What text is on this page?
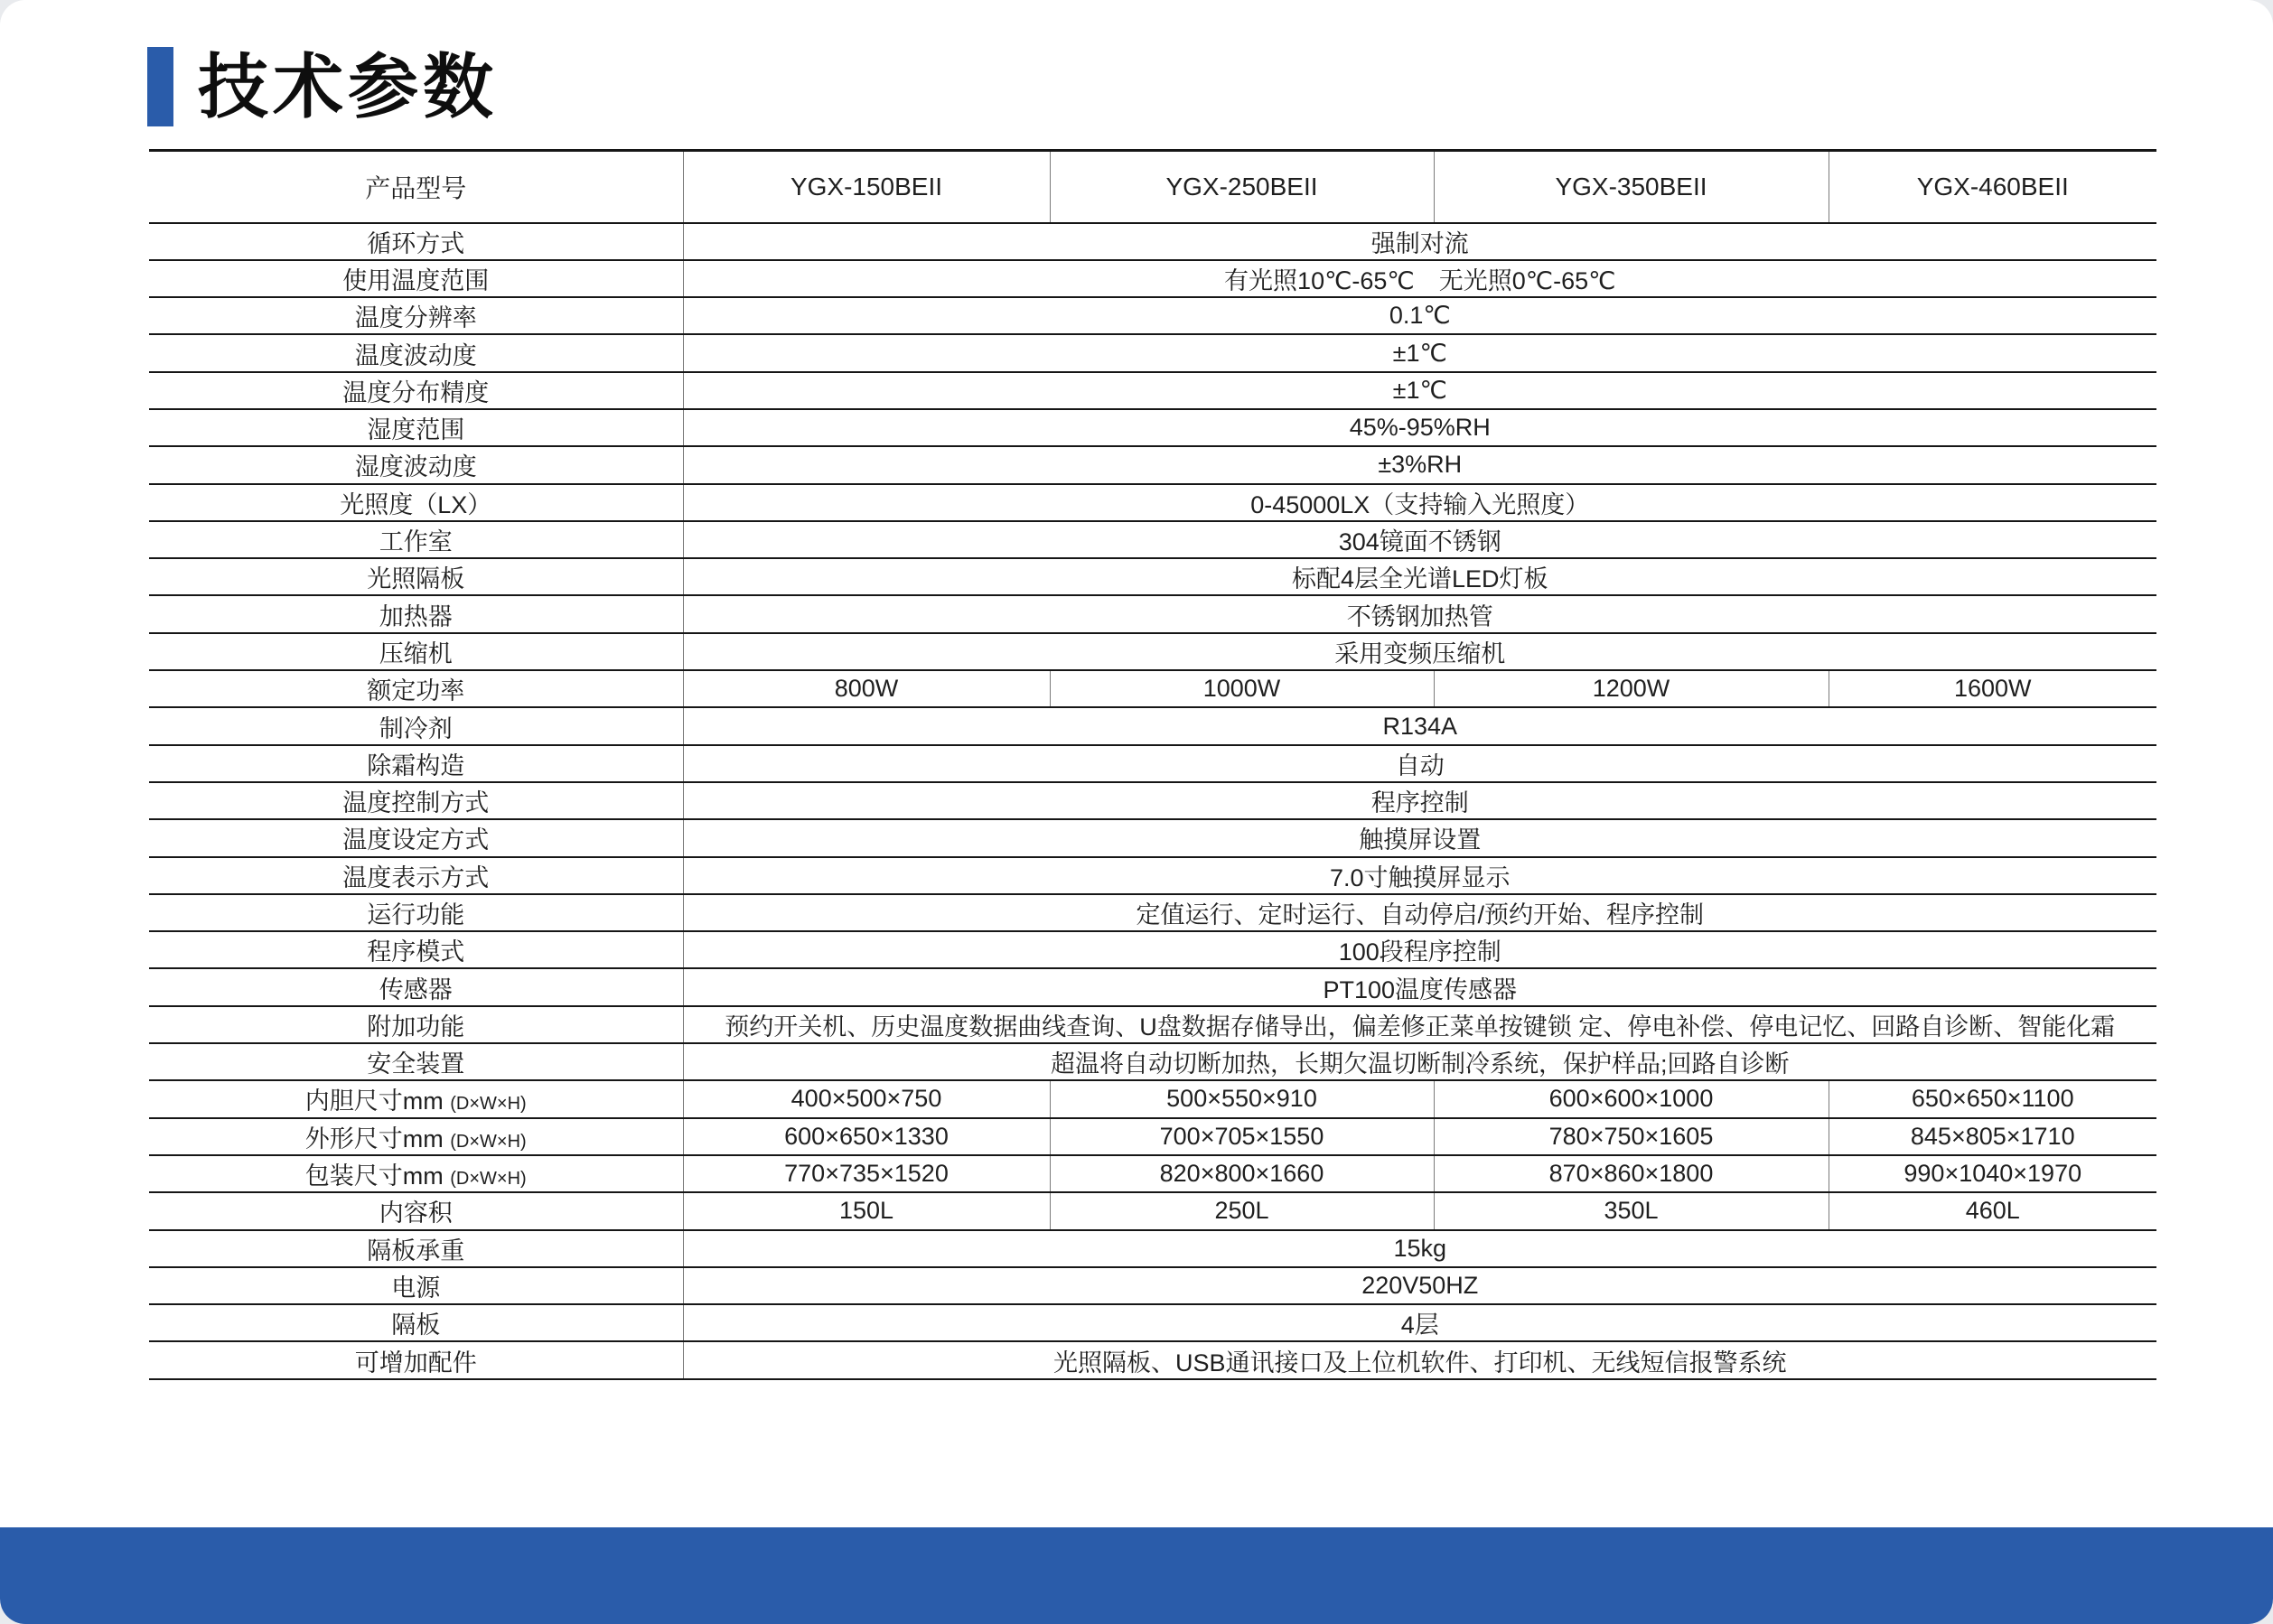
技术参数
产品型号	YGX-150BEII	YGX-250BEII	YGX-350BEII	YGX-460BEII
循环方式	强制对流			
使用温度范围	有光照10℃-65℃　无光照0℃-65℃			
温度分辨率	0.1℃			
温度波动度	±1℃			
温度分布精度	±1℃			
湿度范围	45%-95%RH			
湿度波动度	±3%RH			
光照度（LX）	0-45000LX（支持输入光照度）			
工作室	304镜面不锈钢			
光照隔板	标配4层全光谱LED灯板			
加热器	不锈钢加热管			
压缩机	采用变频压缩机			
额定功率	800W	1000W	1200W	1600W
制冷剂	R134A			
除霜构造	自动			
温度控制方式	程序控制			
温度设定方式	触摸屏设置			
温度表示方式	7.0寸触摸屏显示			
运行功能	定值运行、定时运行、自动停启/预约开始、程序控制			
程序模式	100段程序控制			
传感器	PT100温度传感器			
附加功能	预约开关机、历史温度数据曲线查询、U盘数据存储导出，偏差修正菜单按键锁 定、停电补偿、停电记忆、回路自诊断、智能化霜			
安全装置	超温将自动切断加热，长期欠温切断制冷系统，保护样品;回路自诊断			
内胆尺寸mm (D×W×H)	400×500×750	500×550×910	600×600×1000	650×650×1100
外形尺寸mm (D×W×H)	600×650×1330	700×705×1550	780×750×1605	845×805×1710
包装尺寸mm (D×W×H)	770×735×1520	820×800×1660	870×860×1800	990×1040×1970
内容积	150L	250L	350L	460L
隔板承重	15kg			
电源	220V50HZ			
隔板	4层			
可增加配件	光照隔板、USB通讯接口及上位机软件、打印机、无线短信报警系统			
